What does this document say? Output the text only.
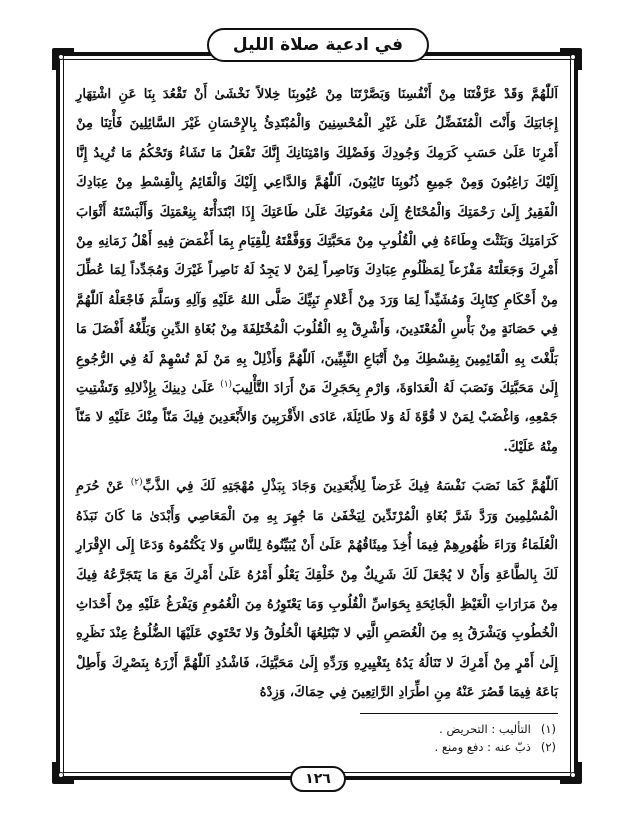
في ادعية صلاة الليل

اَللّٰهُمَّ وَقَدْ عَرَّفْتَنَا مِنْ أَنْفُسِنَا وَبَصَّرْتَنَا مِنْ عُيُوبِنَا خِلالاً نَخْشَىٰ أَنْ تَقْعُدَ بِنَا عَنِ اشْتِهَارِ إِجَابَتِكَ وَأَنْتَ الْمُتَفَضِّلُ عَلَىٰ غَيْرِ الْمُحْسِنِينَ وَالْمُبْتَدِئُ بِالإِحْسَانِ غَيْرَ السَّائِلِينَ فَأْتِنَا مِنْ أَمْرِنَا عَلَىٰ حَسَبِ كَرَمِكَ وَجُودِكَ وَفَضْلِكَ وَامْتِنَانِكَ إِنَّكَ تَفْعَلُ مَا تَشَاءُ وَتَحْكُمُ مَا تُرِيدُ إِنَّا إِلَيْكَ رَاغِبُونَ وَمِنْ جَمِيعِ ذُنُوبِنَا تَائِبُونَ، اَللّٰهُمَّ وَالدَّاعِي إِلَيْكَ وَالْقَائِمُ بِالْقِسْطِ مِنْ عِبَادِكَ الْفَقِيرُ إِلَىٰ رَحْمَتِكَ وَالْمُحْتَاجُ إِلَىٰ مَعُونَتِكَ عَلَىٰ طَاعَتِكَ إِذَا ابْتَدَأْتَهُ بِنِعْمَتِكَ وَأَلْبَسْتَهُ أَثْوَابَ كَرَامَتِكَ وَبَثَثْتَ وِطَاءَهُ فِي الْقُلُوبِ مِنْ مَحَبَّتِكَ وَوَفَّقْتَهُ لِلْقِيَامِ بِمَا أَغْمَضَ فِيهِ أَهْلُ زَمَانِهِ مِنْ أَمْرِكَ وَجَعَلْتَهُ مَفْزَعاً لِمَظْلُومِ عِبَادِكَ وَنَاصِراً لِمَنْ لا يَجِدُ لَهُ نَاصِراً غَيْرَكَ وَمُجَدِّداً لِمَا عُطِّلَ مِنْ أَحْكَامِ كِتَابِكَ وَمُشَيِّداً لِمَا وَرَدَ مِنْ أَعْلامِ نَبِيِّكَ صَلَّى اللهُ عَلَيْهِ وَآلِهِ وَسَلَّمَ فَاجْعَلْهُ اَللّٰهُمَّ فِي حَصَانَةٍ مِنْ بَأْسِ الْمُعْتَدِينَ، وَأَشْرِقْ بِهِ الْقُلُوبَ الْمُخْتَلِفَةَ مِنْ بُغَاةِ الدِّينِ وَبَلِّغْهُ أَفْضَلَ مَا بَلَّغْتَ بِهِ الْقَائِمِينَ بِقِسْطِكَ مِنْ أَتْبَاعِ النَّبِيِّينَ، اَللّٰهُمَّ وَأَذْلِلْ بِهِ مَنْ لَمْ تُسْهِمْ لَهُ فِي الرُّجُوعِ إِلَىٰ مَحَبَّتِكَ وَنَصَبَ لَهُ الْعَدَاوَةَ، وَارْمِ بِحَجَرِكَ مَنْ أَرَادَ التَّأْلِيبَ$^{(١)}$ عَلَىٰ دِينِكَ بِإِذْلالِهِ وَتَشْتِيتِ جَمْعِهِ، وَاغْضَبْ لِمَنْ لا قُوَّةَ لَهُ وَلا طَائِلَةَ، عَادَى الأَقْرَبِينَ وَالأَبْعَدِينَ فِيكَ مَنّاً مِنْكَ عَلَيْهِ لا مَنّاً مِنْهُ عَلَيْكَ.

اَللّٰهُمَّ كَمَا نَصَبَ نَفْسَهُ فِيكَ غَرَضاً لِلأَبْعَدِينَ وَجَادَ بِبَذْلِ مُهْجَتِهِ لَكَ فِي الذَّبِّ$^{(٢)}$ عَنْ حُرَمِ الْمُسْلِمِينَ وَرَدَّ شَرَّ بُغَاةِ الْمُرْتَدِّينَ لِيَخْفَىٰ مَا جُهِرَ بِهِ مِنَ الْمَعَاصِي وَأَبْدَىٰ مَا كَانَ نَبَذَهُ الْعُلَمَاءُ وَرَاءَ ظُهُورِهِمْ فِيمَا أُخِذَ مِيثَاقُهُمْ عَلَىٰ أَنْ يُبَيِّنُوهُ لِلنَّاسِ وَلا يَكْتُمُوهُ وَدَعَا إِلَى الإِقْرَارِ لَكَ بِالطَّاعَةِ وَأَنْ لا يُجْعَلَ لَكَ شَرِيكٌ مِنْ خَلْقِكَ يَعْلُو أَمْرُهُ عَلَىٰ أَمْرِكَ مَعَ مَا يَتَجَرَّعُهُ فِيكَ مِنْ مَرَارَاتِ الْغَيْظِ الْجَائِحَةِ بِحَوَاسِّ الْقُلُوبِ وَمَا يَعْتَوِرُهُ مِنَ الْغُمُومِ وَيَفْرَغُ عَلَيْهِ مِنْ أَحْدَاثِ الْخُطُوبِ وَيَشْرَقُ بِهِ مِنَ الْغُصَصِ الَّتِي لا تَبْتَلِعُهَا الْحُلُوقُ وَلا تَحْتَوِي عَلَيْهَا الضُّلُوعُ عِنْدَ نَظَرِهِ إِلَىٰ أَمْرٍ مِنْ أَمْرِكَ لا تَنَالُهُ يَدُهُ بِتَغْيِيرِهِ وَرَدِّهِ إِلَىٰ مَحَبَّتِكَ، فَاشْدُدِ اَللّٰهُمَّ أَزْرَهُ بِنَصْرِكَ وَأَطِلْ بَاعَهُ فِيمَا قَصُرَ عَنْهُ مِنِ اطِّرَادِ الرَّاتِعِينَ فِي حِمَاكَ، وَزِدْهُ

(١)
التأليب : التحريض .
(٢)
ذبّ عنه : دفع ومنع .
١٢٦
